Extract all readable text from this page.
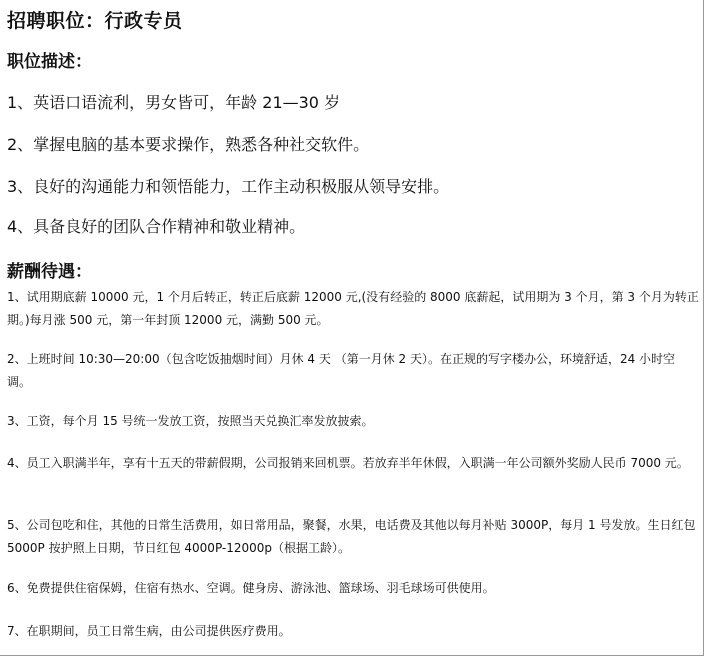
招聘职位：行政专员
职位描述：
1、英语口语流利，男女皆可，年龄 21—30 岁
2、掌握电脑的基本要求操作，熟悉各种社交软件。
3、良好的沟通能力和领悟能力，工作主动积极服从领导安排。
4、具备良好的团队合作精神和敬业精神。
薪酬待遇：
1、试用期底薪 10000 元，1 个月后转正，转正后底薪 12000 元,(没有经验的 8000 底薪起，试用期为 3 个月，第 3 个月为转正期。)每月涨 500 元，第一年封顶 12000 元，满勤 500 元。
2、上班时间 10:30—20:00（包含吃饭抽烟时间）月休 4 天 （第一月休 2 天）。在正规的写字楼办公，环境舒适，24 小时空调。
3、工资，每个月 15 号统一发放工资，按照当天兑换汇率发放披索。
4、员工入职满半年，享有十五天的带薪假期，公司报销来回机票。若放弃半年休假，入职满一年公司额外奖励人民币 7000 元。
5、公司包吃和住，其他的日常生活费用，如日常用品，聚餐，水果，电话费及其他以每月补贴 3000P，每月 1 号发放。生日红包 5000P 按护照上日期，节日红包 4000P-12000p（根据工龄）。
6、免费提供住宿保姆，住宿有热水、空调。健身房、游泳池、篮球场、羽毛球场可供使用。
7、在职期间，员工日常生病，由公司提供医疗费用。
